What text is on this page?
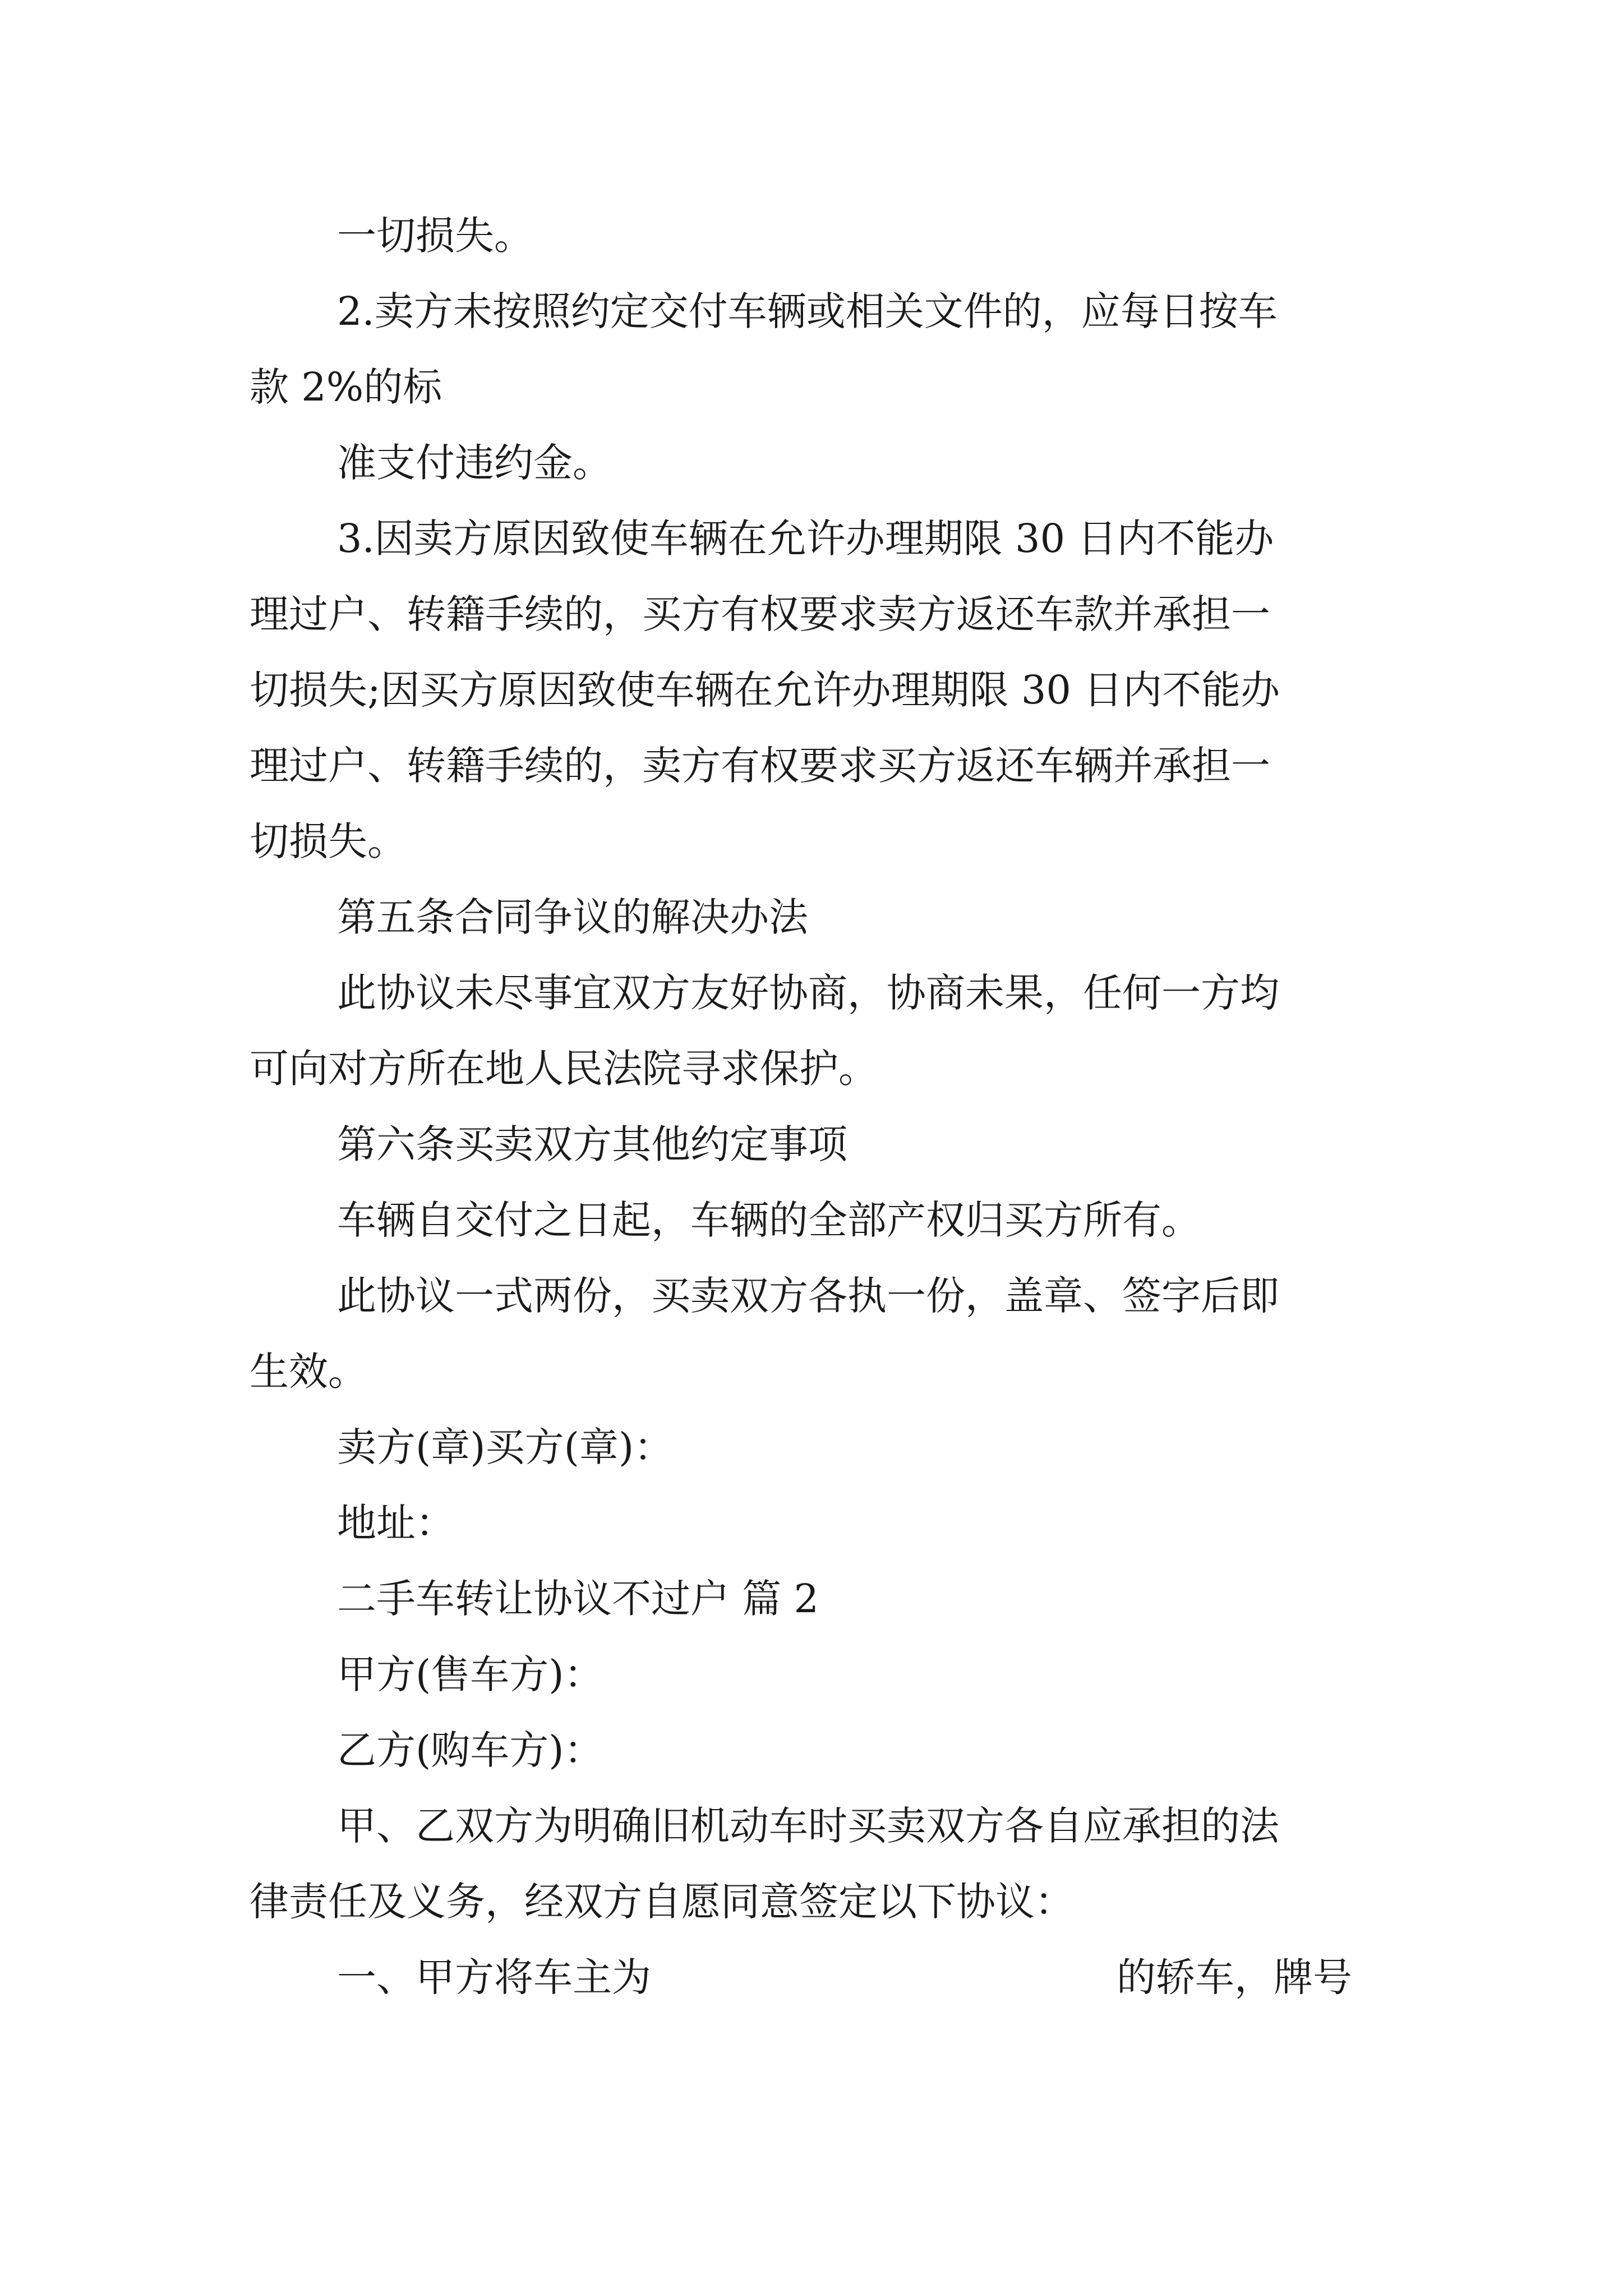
一切损失。
2.卖方未按照约定交付车辆或相关文件的，应每日按车
款 2%的标
准支付违约金。
3.因卖方原因致使车辆在允许办理期限 30 日内不能办
理过户、转籍手续的，买方有权要求卖方返还车款并承担一
切损失;因买方原因致使车辆在允许办理期限 30 日内不能办
理过户、转籍手续的，卖方有权要求买方返还车辆并承担一
切损失。
第五条合同争议的解决办法
此协议未尽事宜双方友好协商，协商未果，任何一方均
可向对方所在地人民法院寻求保护。
第六条买卖双方其他约定事项
车辆自交付之日起，车辆的全部产权归买方所有。
此协议一式两份，买卖双方各执一份，盖章、签字后即
生效。
卖方(章)买方(章)：
地址：
二手车转让协议不过户 篇 2
甲方(售车方)：
乙方(购车方)：
甲、乙双方为明确旧机动车时买卖双方各自应承担的法
律责任及义务，经双方自愿同意签定以下协议：
一、甲方将车主为	的轿车，牌号
